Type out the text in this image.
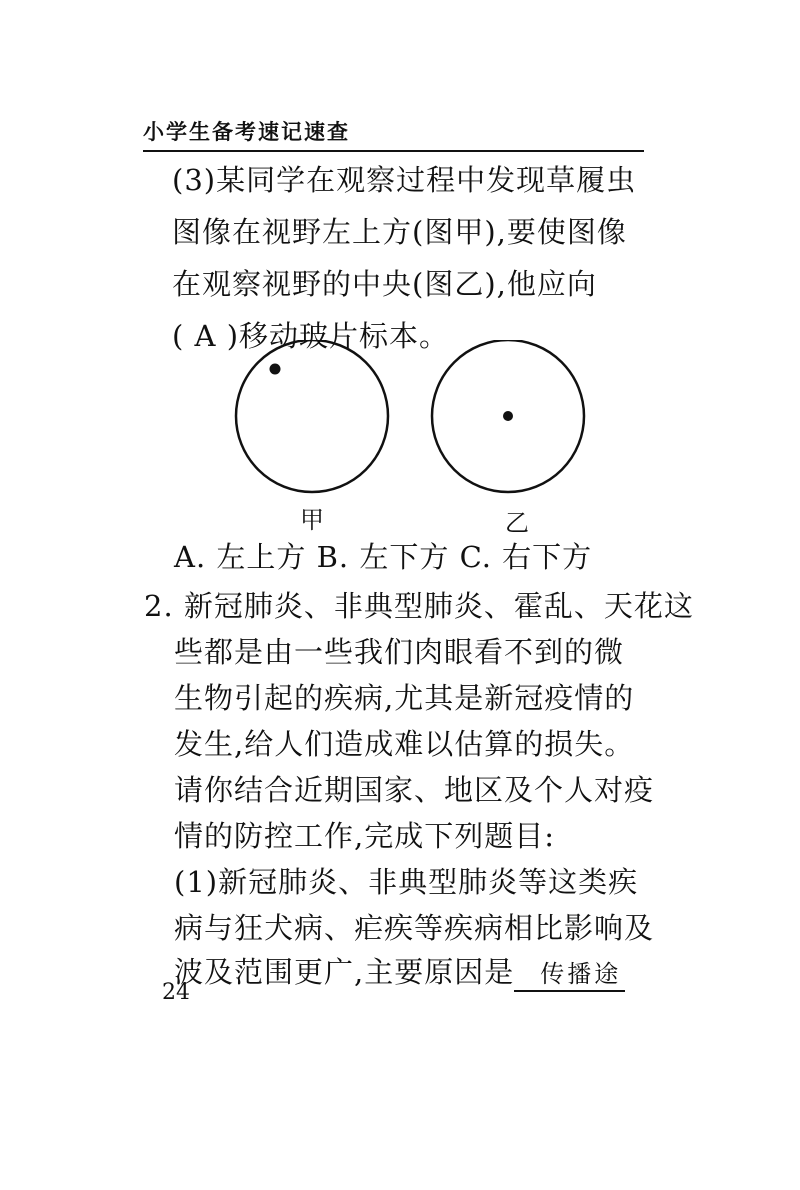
小学生备考速记速查
(3)某同学在观察过程中发现草履虫
图像在视野左上方(图甲),要使图像
在观察视野的中央(图乙),他应向
( A )移动玻片标本。
甲	乙
A. 左上方 B. 左下方 C. 右下方
2. 新冠肺炎、非典型肺炎、霍乱、天花这
些都是由一些我们肉眼看不到的微
生物引起的疾病,尤其是新冠疫情的
发生,给人们造成难以估算的损失。
请你结合近期国家、地区及个人对疫
情的防控工作,完成下列题目:
(1)新冠肺炎、非典型肺炎等这类疾
病与狂犬病、疟疾等疾病相比影响及
波及范围更广,主要原因是 传播途
24
